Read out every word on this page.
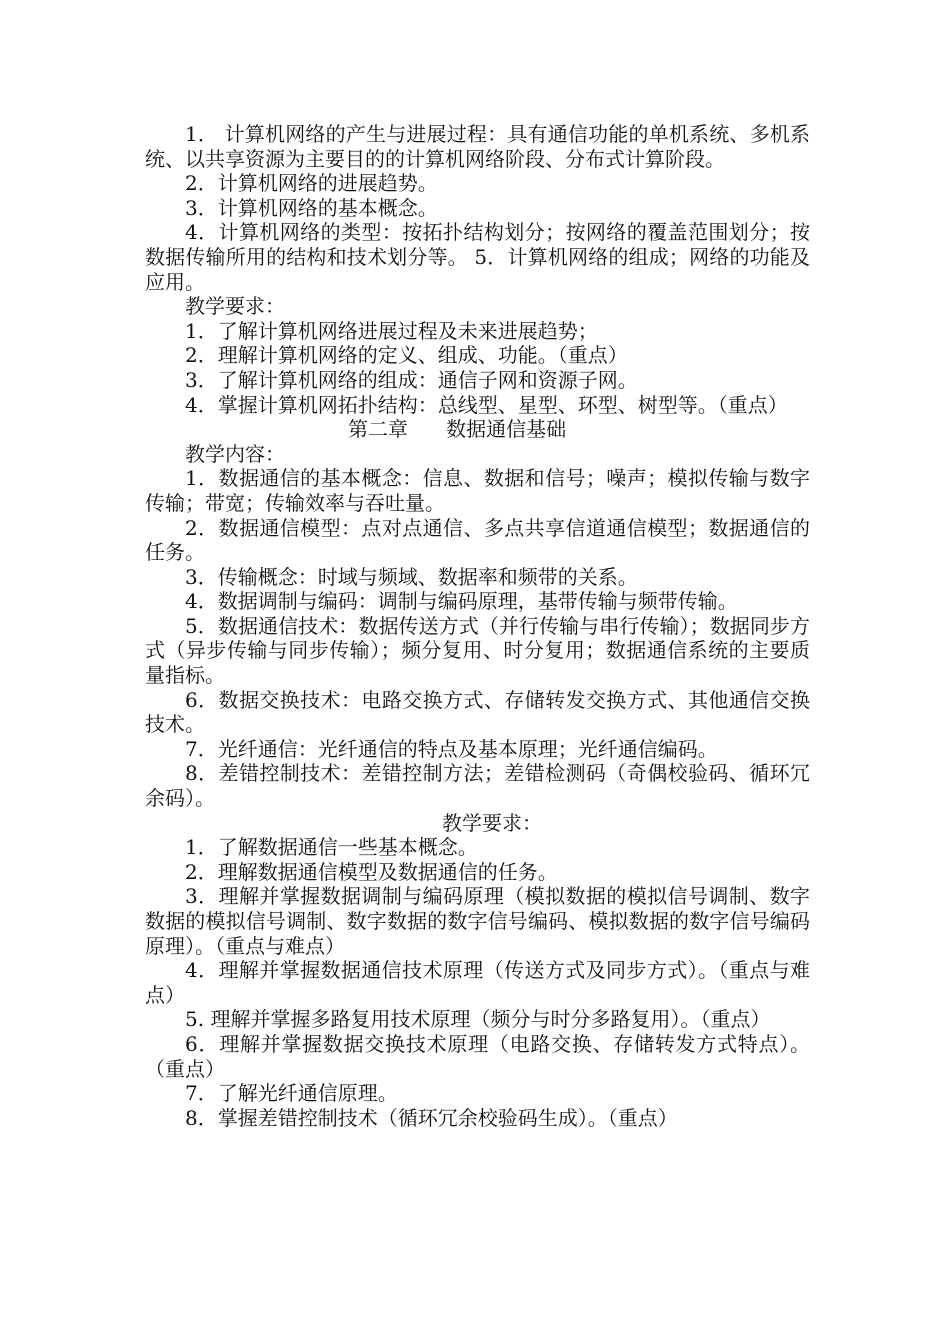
1． 计算机网络的产生与进展过程：具有通信功能的单机系统、多机系统、以共享资源为主要目的的计算机网络阶段、分布式计算阶段。

2．计算机网络的进展趋势。

3．计算机网络的基本概念。

4．计算机网络的类型：按拓扑结构划分；按网络的覆盖范围划分；按数据传输所用的结构和技术划分等。 5．计算机网络的组成；网络的功能及应用。

教学要求：

1．了解计算机网络进展过程及未来进展趋势；

2．理解计算机网络的定义、组成、功能。（重点）

3．了解计算机网络的组成：通信子网和资源子网。

4．掌握计算机网拓扑结构：总线型、星型、环型、树型等。（重点）

第二章      数据通信基础

教学内容：

1．数据通信的基本概念：信息、数据和信号；噪声；模拟传输与数字传输；带宽；传输效率与吞吐量。

2．数据通信模型：点对点通信、多点共享信道通信模型；数据通信的任务。

3．传输概念：时域与频域、数据率和频带的关系。

4．数据调制与编码：调制与编码原理，基带传输与频带传输。

5．数据通信技术：数据传送方式（并行传输与串行传输）；数据同步方式（异步传输与同步传输）；频分复用、时分复用；数据通信系统的主要质量指标。

6．数据交换技术：电路交换方式、存储转发交换方式、其他通信交换技术。

7．光纤通信：光纤通信的特点及基本原理；光纤通信编码。

8．差错控制技术：差错控制方法；差错检测码（奇偶校验码、循环冗余码）。

教学要求：

1．了解数据通信一些基本概念。

2．理解数据通信模型及数据通信的任务。

3．理解并掌握数据调制与编码原理（模拟数据的模拟信号调制、数字数据的模拟信号调制、数字数据的数字信号编码、模拟数据的数字信号编码原理）。（重点与难点）

4．理解并掌握数据通信技术原理（传送方式及同步方式）。（重点与难点）

5. 理解并掌握多路复用技术原理（频分与时分多路复用）。（重点）

6．理解并掌握数据交换技术原理（电路交换、存储转发方式特点）。（重点）

7．了解光纤通信原理。

8．掌握差错控制技术（循环冗余校验码生成）。（重点）
